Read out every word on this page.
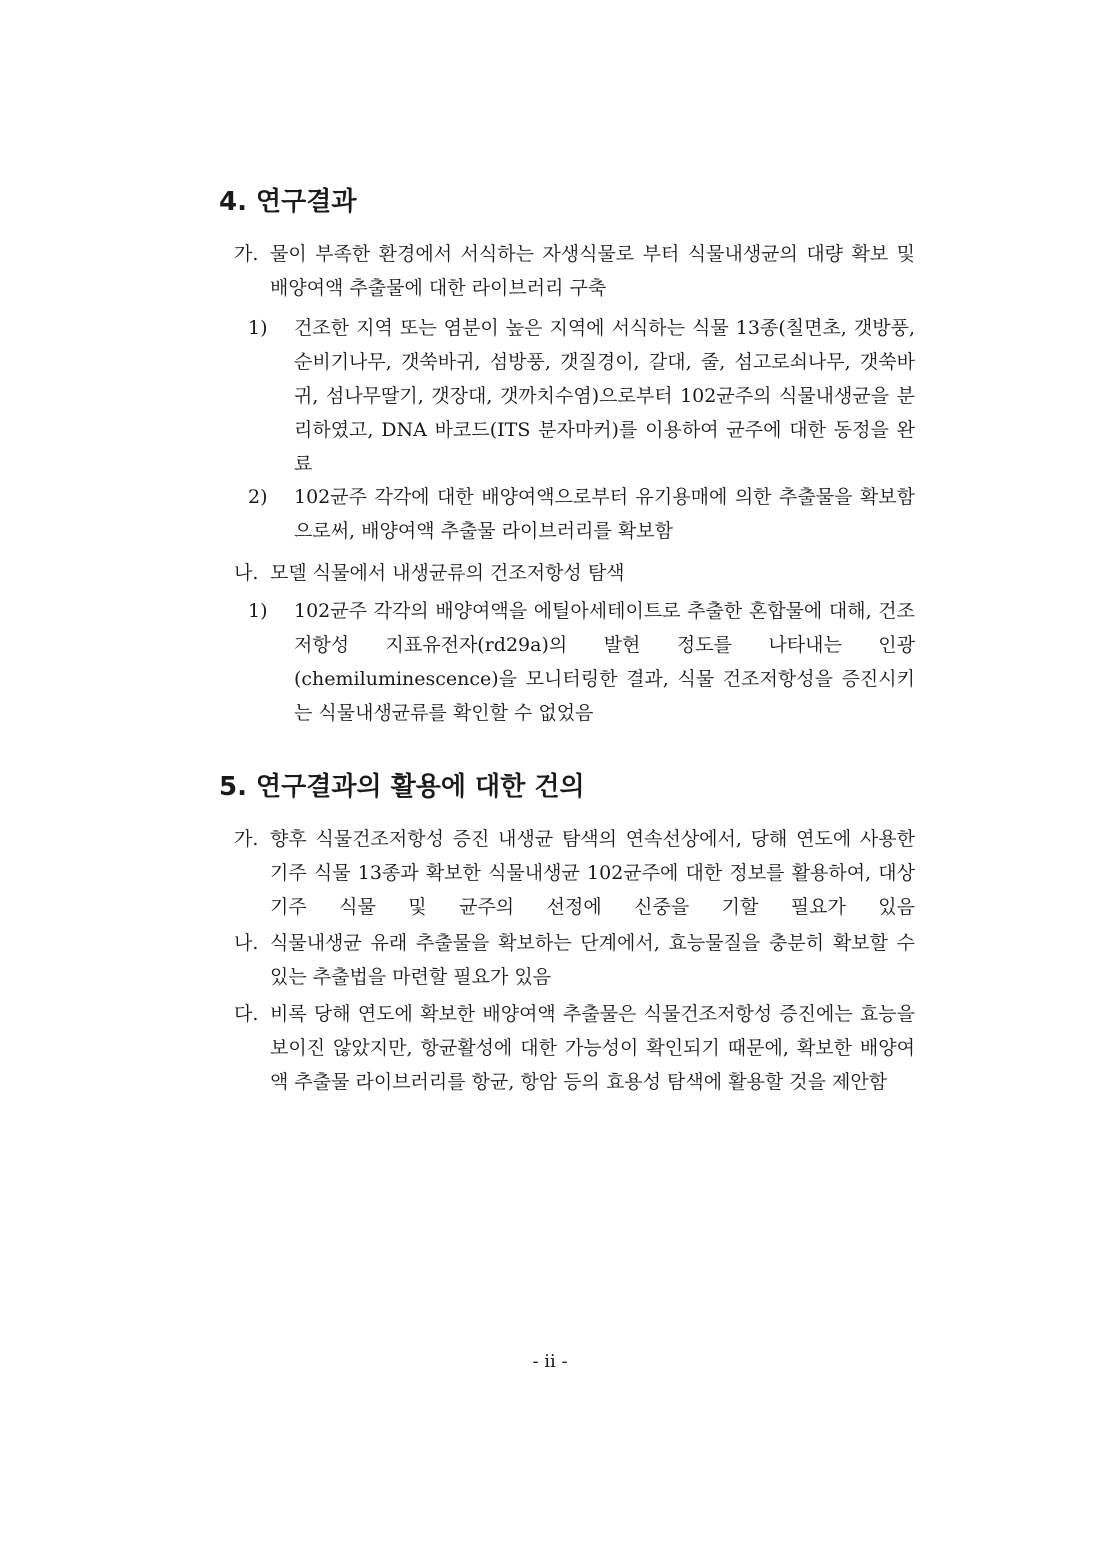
4. 연구결과
가. 물이 부족한 환경에서 서식하는 자생식물로 부터 식물내생균의 대량 확보 및 배양여액 추출물에 대한 라이브러리 구축
1)	건조한 지역 또는 염분이 높은 지역에 서식하는 식물 13종(칠면초, 갯방풍, 순비기나무, 갯쑥바귀, 섬방풍, 갯질경이, 갈대, 줄, 섬고로쇠나무, 갯쑥바귀, 섬나무딸기, 갯장대, 갯까치수염)으로부터 102균주의 식물내생균을 분리하였고, DNA 바코드(ITS 분자마커)를 이용하여 균주에 대한 동정을 완료
2)	102균주 각각에 대한 배양여액으로부터 유기용매에 의한 추출물을 확보함으로써, 배양여액 추출물 라이브러리를 확보함
나. 모델 식물에서 내생균류의 건조저항성 탐색
1)	102균주 각각의 배양여액을 에틸아세테이트로 추출한 혼합물에 대해, 건조저항성 지표유전자(rd29a)의 발현 정도를 나타내는 인광(chemiluminescence)을 모니터링한 결과, 식물 건조저항성을 증진시키는 식물내생균류를 확인할 수 없었음
5. 연구결과의 활용에 대한 건의
가. 향후 식물건조저항성 증진 내생균 탐색의 연속선상에서, 당해 연도에 사용한 기주 식물 13종과 확보한 식물내생균 102균주에 대한 정보를 활용하여, 대상 기주 식물 및 균주의 선정에 신중을 기할 필요가 있음
나. 식물내생균 유래 추출물을 확보하는 단계에서, 효능물질을 충분히 확보할 수 있는 추출법을 마련할 필요가 있음
다. 비록 당해 연도에 확보한 배양여액 추출물은 식물건조저항성 증진에는 효능을 보이진 않았지만, 항균활성에 대한 가능성이 확인되기 때문에, 확보한 배양여액 추출물 라이브러리를 항균, 항암 등의 효용성 탐색에 활용할 것을 제안함
- ii -
